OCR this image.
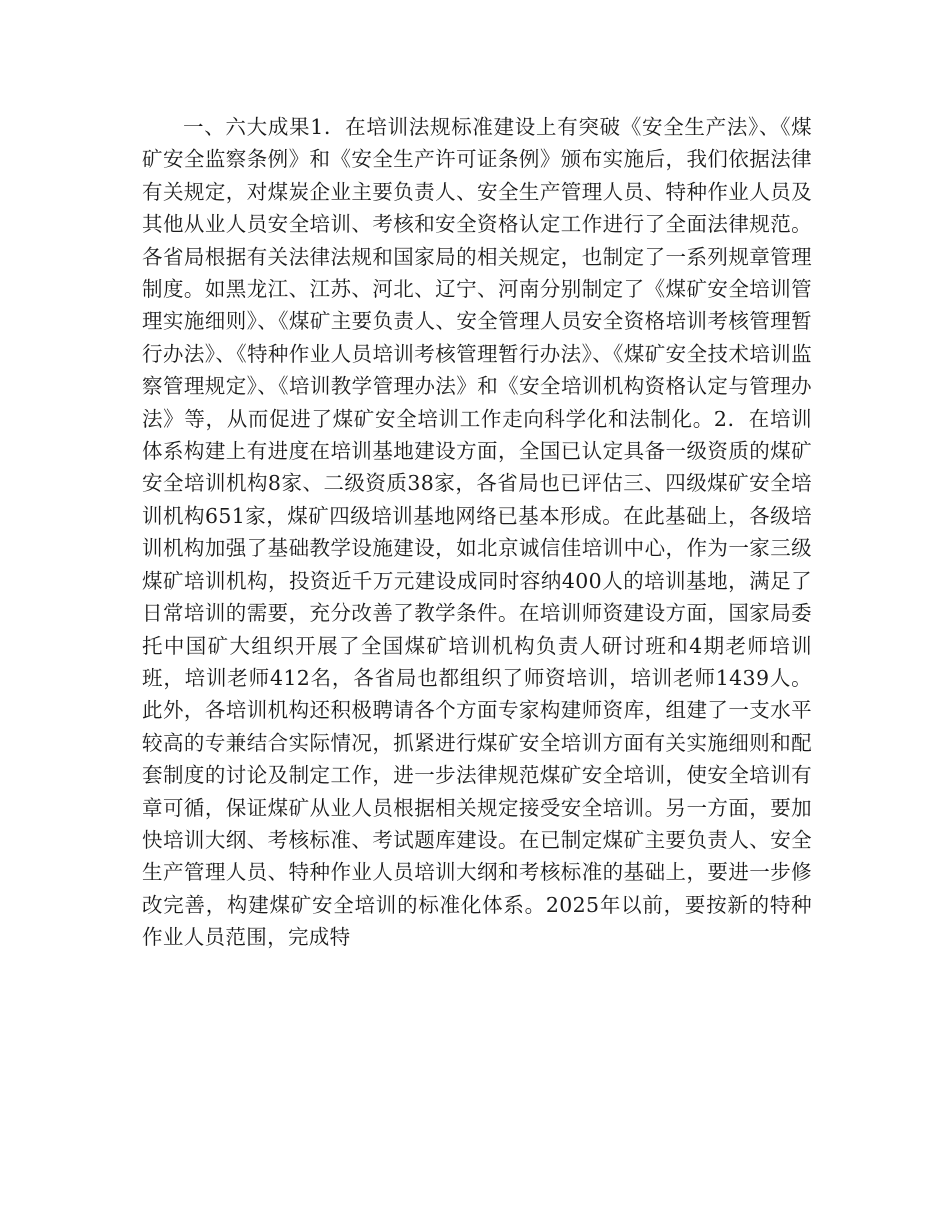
一、六大成果1．在培训法规标准建设上有突破《安全生产法》、《煤矿安全监察条例》和《安全生产许可证条例》颁布实施后，我们依据法律有关规定，对煤炭企业主要负责人、安全生产管理人员、特种作业人员及其他从业人员安全培训、考核和安全资格认定工作进行了全面法律规范。各省局根据有关法律法规和国家局的相关规定，也制定了一系列规章管理制度。如黑龙江、江苏、河北、辽宁、河南分别制定了《煤矿安全培训管理实施细则》、《煤矿主要负责人、安全管理人员安全资格培训考核管理暂行办法》、《特种作业人员培训考核管理暂行办法》、《煤矿安全技术培训监察管理规定》、《培训教学管理办法》和《安全培训机构资格认定与管理办法》等，从而促进了煤矿安全培训工作走向科学化和法制化。2．在培训体系构建上有进度在培训基地建设方面，全国已认定具备一级资质的煤矿安全培训机构8家、二级资质38家，各省局也已评估三、四级煤矿安全培训机构651家，煤矿四级培训基地网络已基本形成。在此基础上，各级培训机构加强了基础教学设施建设，如北京诚信佳培训中心，作为一家三级煤矿培训机构，投资近千万元建设成同时容纳400人的培训基地，满足了日常培训的需要，充分改善了教学条件。在培训师资建设方面，国家局委托中国矿大组织开展了全国煤矿培训机构负责人研讨班和4期老师培训班，培训老师412名，各省局也都组织了师资培训，培训老师1439人。此外，各培训机构还积极聘请各个方面专家构建师资库，组建了一支水平较高的专兼结合实际情况，抓紧进行煤矿安全培训方面有关实施细则和配套制度的讨论及制定工作，进一步法律规范煤矿安全培训，使安全培训有章可循，保证煤矿从业人员根据相关规定接受安全培训。另一方面，要加快培训大纲、考核标准、考试题库建设。在已制定煤矿主要负责人、安全生产管理人员、特种作业人员培训大纲和考核标准的基础上，要进一步修改完善，构建煤矿安全培训的标准化体系。2025年以前，要按新的特种作业人员范围，完成特
